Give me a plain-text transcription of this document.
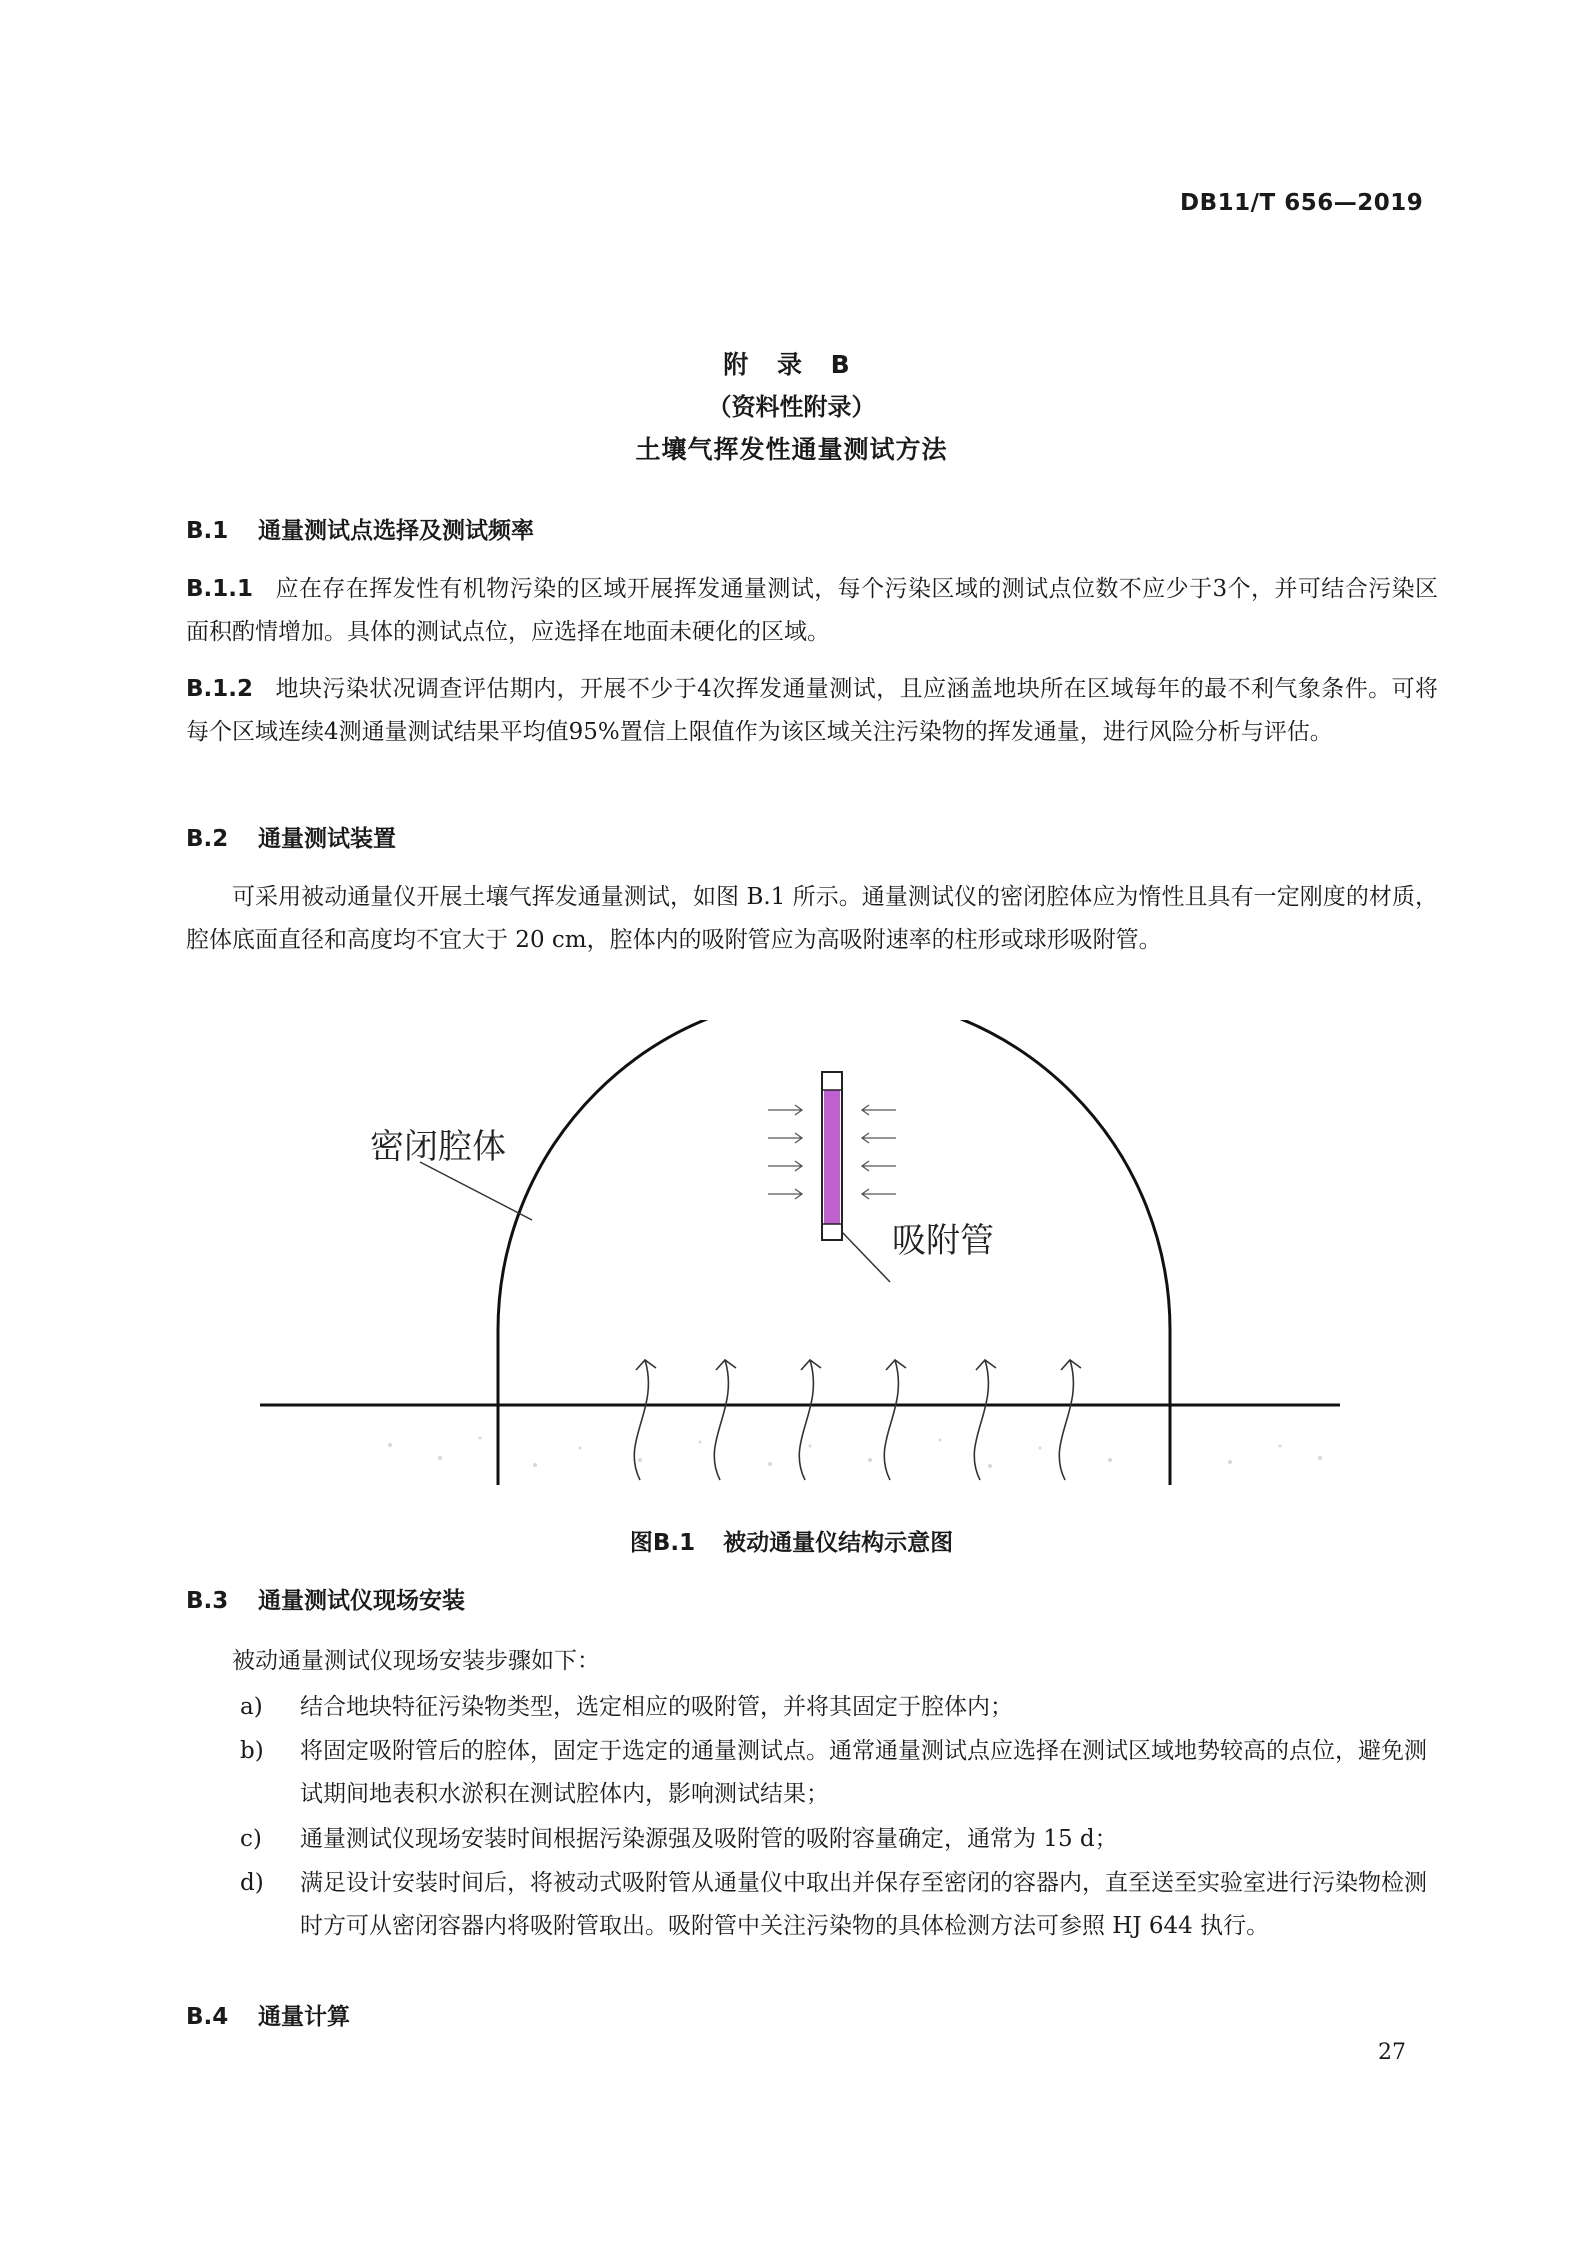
DB11/T 656—2019
附 录 B
（资料性附录）
土壤气挥发性通量测试方法
B.1 通量测试点选择及测试频率
B.1.1 应在存在挥发性有机物污染的区域开展挥发通量测试，每个污染区域的测试点位数不应少于3个，并可结合污染区面积酌情增加。具体的测试点位，应选择在地面未硬化的区域。
B.1.2 地块污染状况调查评估期内，开展不少于4次挥发通量测试，且应涵盖地块所在区域每年的最不利气象条件。可将每个区域连续4测通量测试结果平均值95%置信上限值作为该区域关注污染物的挥发通量，进行风险分析与评估。
B.2 通量测试装置
可采用被动通量仪开展土壤气挥发通量测试，如图 B.1 所示。通量测试仪的密闭腔体应为惰性且具有一定刚度的材质，腔体底面直径和高度均不宜大于 20 cm，腔体内的吸附管应为高吸附速率的柱形或球形吸附管。
密闭腔体
吸附管
图B.1 被动通量仪结构示意图
B.3 通量测试仪现场安装
被动通量测试仪现场安装步骤如下：
a) 结合地块特征污染物类型，选定相应的吸附管，并将其固定于腔体内；
b) 将固定吸附管后的腔体，固定于选定的通量测试点。通常通量测试点应选择在测试区域地势较高的点位，避免测试期间地表积水淤积在测试腔体内，影响测试结果；
c) 通量测试仪现场安装时间根据污染源强及吸附管的吸附容量确定，通常为 15 d；
d) 满足设计安装时间后，将被动式吸附管从通量仪中取出并保存至密闭的容器内，直至送至实验室进行污染物检测时方可从密闭容器内将吸附管取出。吸附管中关注污染物的具体检测方法可参照 HJ 644 执行。
B.4 通量计算
27
